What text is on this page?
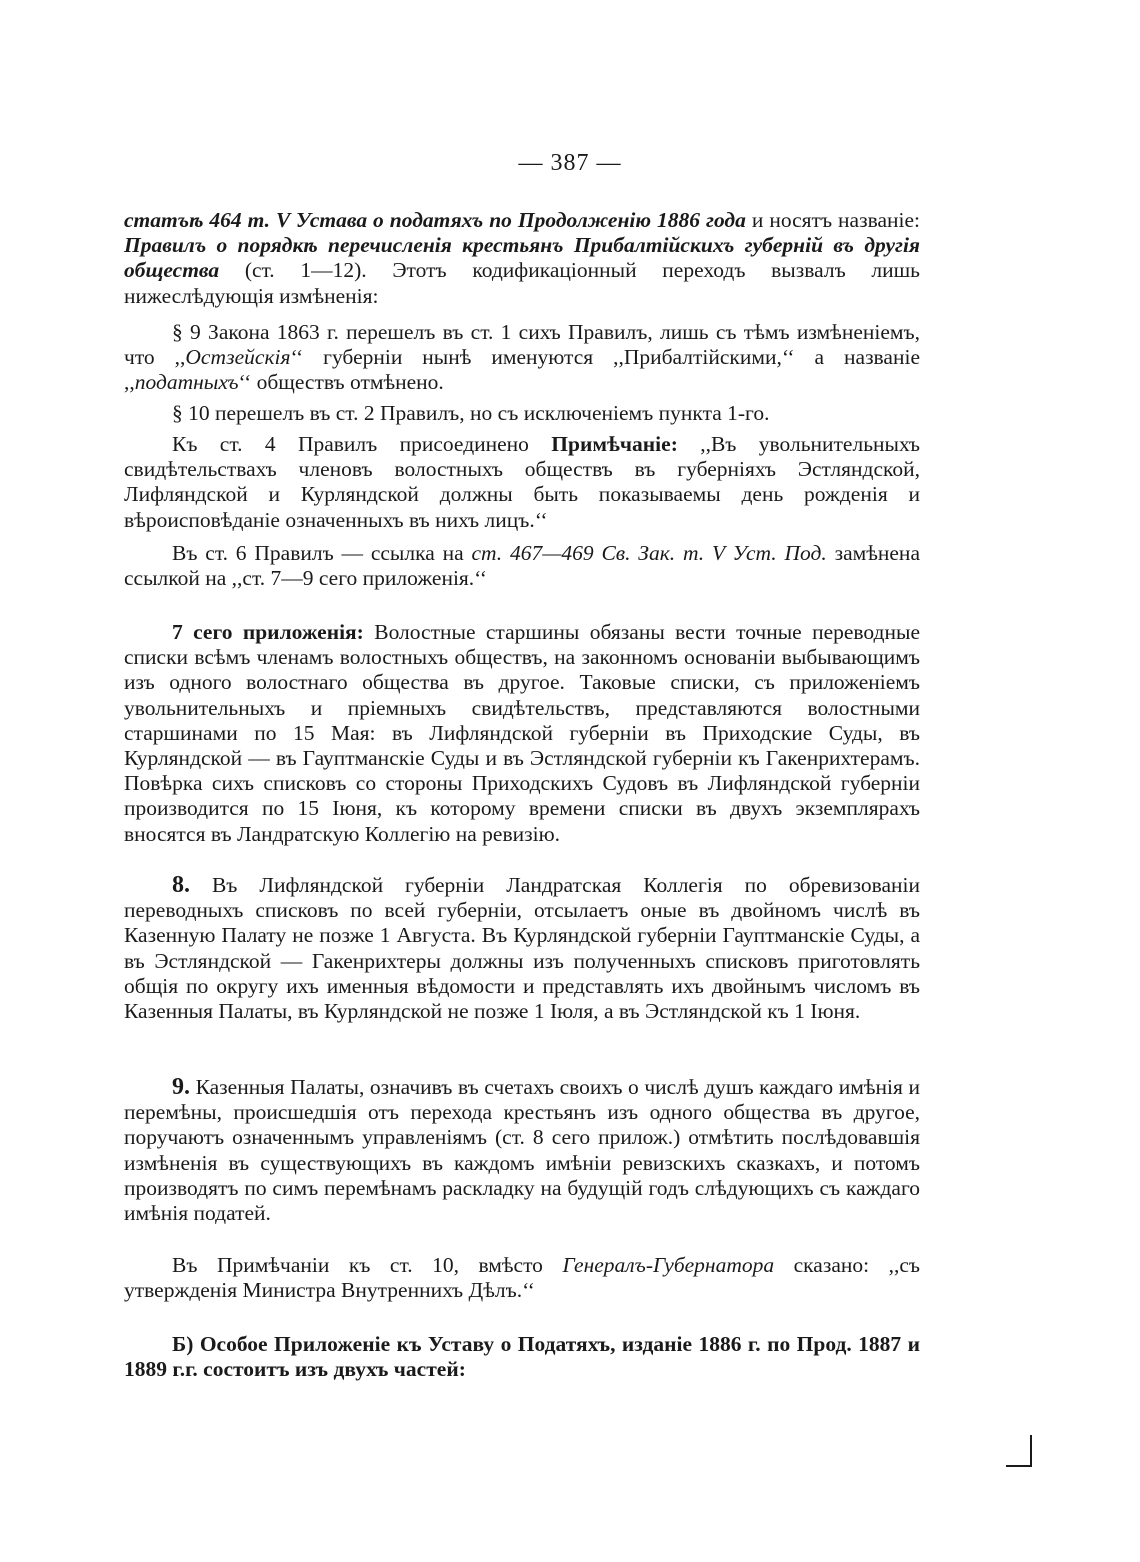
— 387 —

статъѣ 464 т. V Устава о податяхъ по Продолженію 1886 года и носятъ названіе: Правилъ о порядкѣ перечисленія крестьянъ Прибалтійскихъ губерній въ другія общества (ст. 1—12). Этотъ кодификаціонный переходъ вызвалъ лишь нижеслѣдующія измѣненія:

§ 9 Закона 1863 г. перешелъ въ ст. 1 сихъ Правилъ, лишь съ тѣмъ измѣненіемъ, что ,,Остзейскія‘‘ губерніи нынѣ именуются ,,Прибалтійскими,‘‘ а названіе ,,податныхъ‘‘ обществъ отмѣнено.

§ 10 перешелъ въ ст. 2 Правилъ, но съ исключеніемъ пункта 1-го.

Къ ст. 4 Правилъ присоединено Примѣчаніе: ,,Въ увольнительныхъ свидѣтельствахъ членовъ волостныхъ обществъ въ губерніяхъ Эстляндской, Лифляндской и Курляндской должны быть показываемы день рожденія и вѣроисповѣданіе означенныхъ въ нихъ лицъ.‘‘

Въ ст. 6 Правилъ — ссылка на ст. 467—469 Св. Зак. т. V Уст. Под. замѣнена ссылкой на ,,ст. 7—9 сего приложенія.‘‘

7 сего приложенія: Волостные старшины обязаны вести точные переводные списки всѣмъ членамъ волостныхъ обществъ, на законномъ основаніи выбывающимъ изъ одного волостнаго общества въ другое. Таковые списки, съ приложеніемъ увольнительныхъ и пріемныхъ свидѣтельствъ, представляются волостными старшинами по 15 Мая: въ Лифляндской губерніи въ Приходские Суды, въ Курляндской — въ Гауптманскіе Суды и въ Эстляндской губерніи къ Гакенрихтерамъ. Повѣрка сихъ списковъ со стороны Приходскихъ Судовъ въ Лифляндской губерніи производится по 15 Іюня, къ которому времени списки въ двухъ экземплярахъ вносятся въ Ландратскую Коллегію на ревизію.

8. Въ Лифляндской губерніи Ландратская Коллегія по обревизованіи переводныхъ списковъ по всей губерніи, отсылаетъ оные въ двойномъ числѣ въ Казенную Палату не позже 1 Августа. Въ Курляндской губерніи Гауптманскіе Суды, а въ Эстляндской — Гакенрихтеры должны изъ полученныхъ списковъ приготовлять общія по округу ихъ именныя вѣдомости и представлять ихъ двойнымъ числомъ въ Казенныя Палаты, въ Курляндской не позже 1 Іюля, а въ Эстляндской къ 1 Іюня.

9. Казенныя Палаты, означивъ въ счетахъ своихъ о числѣ душъ каждаго имѣнія и перемѣны, происшедшія отъ перехода крестьянъ изъ одного общества въ другое, поручаютъ означеннымъ управленіямъ (ст. 8 сего прилож.) отмѣтить послѣдовавшія измѣненія въ существующихъ въ каждомъ имѣніи ревизскихъ сказкахъ, и потомъ производятъ по симъ перемѣнамъ раскладку на будущій годъ слѣдующихъ съ каждаго имѣнія податей.

Въ Примѣчаніи къ ст. 10, вмѣсто Генералъ-Губернатора сказано: ,,съ утвержденія Министра Внутреннихъ Дѣлъ.‘‘

Б) Особое Приложеніе къ Уставу о Податяхъ, изданіе 1886 г. по Прод. 1887 и 1889 г.г. состоитъ изъ двухъ частей:
